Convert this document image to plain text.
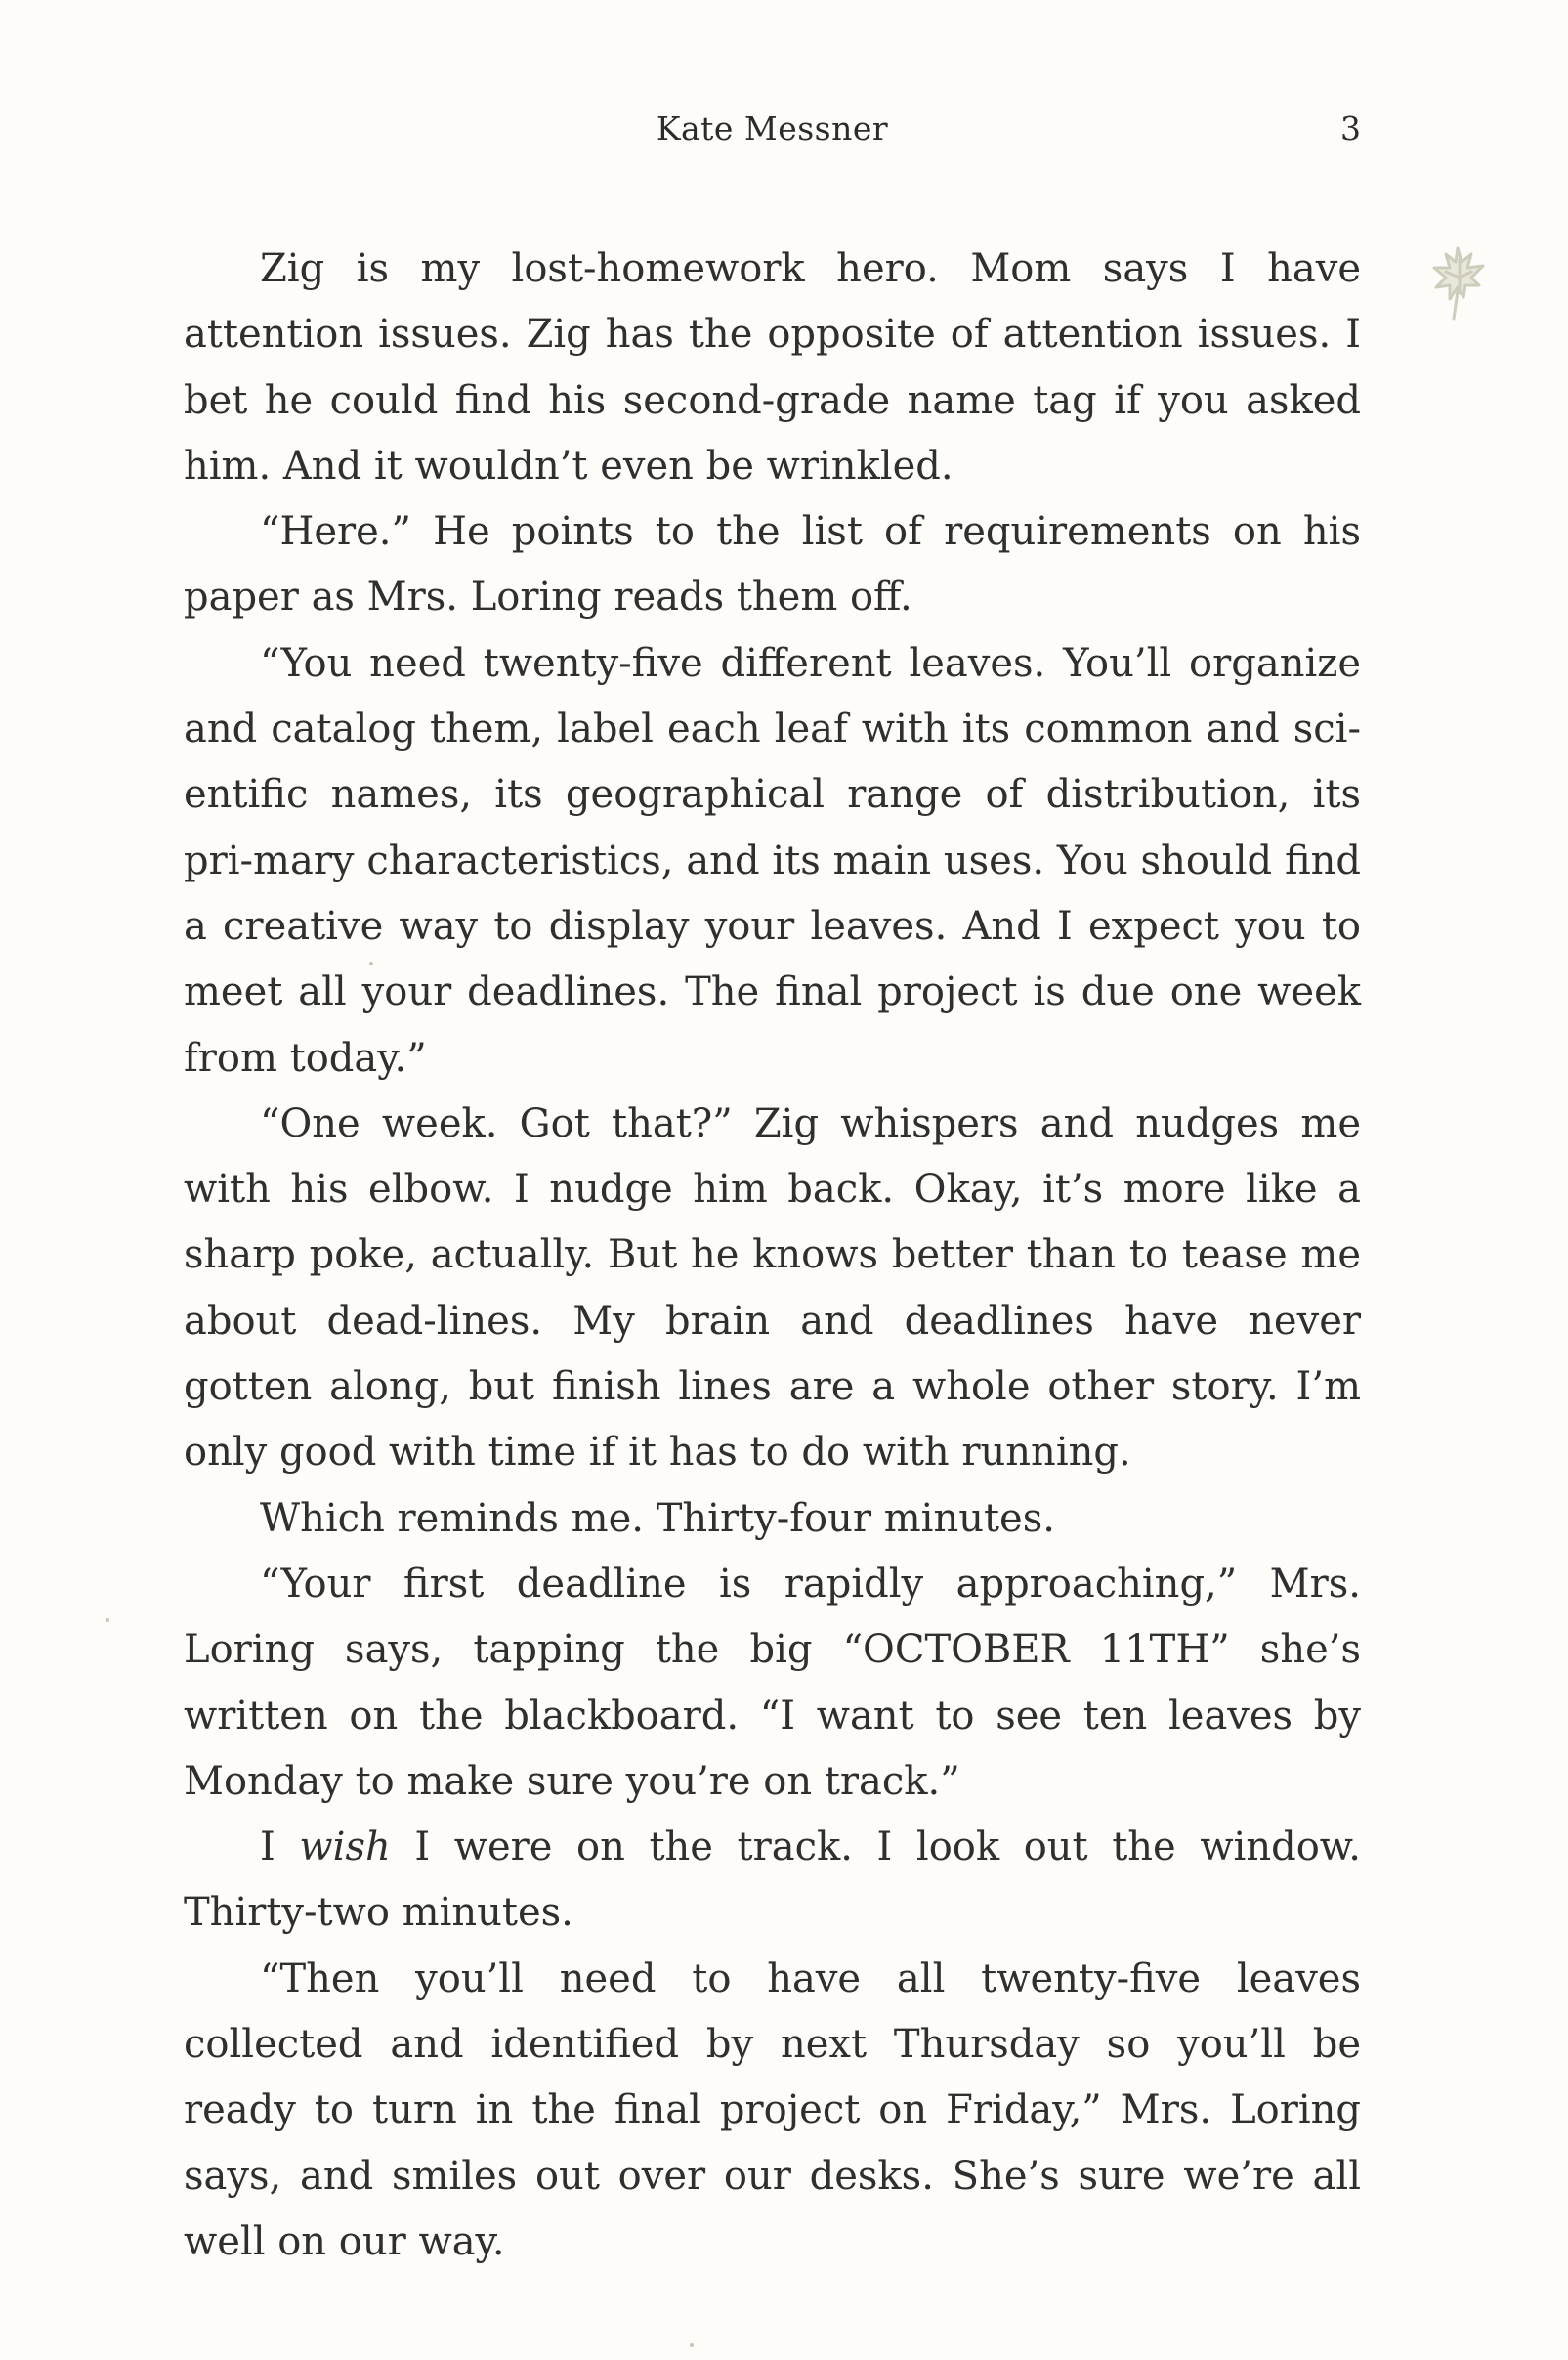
Kate Messner	3

Zig is my lost-homework hero. Mom says I have attention issues. Zig has the opposite of attention issues. I bet he could find his second-grade name tag if you asked him. And it wouldn’t even be wrinkled.

“Here.” He points to the list of requirements on his paper as Mrs. Loring reads them off.

“You need twenty-five different leaves. You’ll organize and catalog them, label each leaf with its common and sci-entific names, its geographical range of distribution, its pri-mary characteristics, and its main uses. You should find a creative way to display your leaves. And I expect you to meet all your deadlines. The final project is due one week from today.”

“One week. Got that?” Zig whispers and nudges me with his elbow. I nudge him back. Okay, it’s more like a sharp poke, actually. But he knows better than to tease me about dead-lines. My brain and deadlines have never gotten along, but finish lines are a whole other story. I’m only good with time if it has to do with running.

Which reminds me. Thirty-four minutes.

“Your first deadline is rapidly approaching,” Mrs. Loring says, tapping the big “OCTOBER 11TH” she’s written on the blackboard. “I want to see ten leaves by Monday to make sure you’re on track.”

I wish I were on the track. I look out the window. Thirty-two minutes.

“Then you’ll need to have all twenty-five leaves collected and identified by next Thursday so you’ll be ready to turn in the final project on Friday,” Mrs. Loring says, and smiles out over our desks. She’s sure we’re all well on our way.
